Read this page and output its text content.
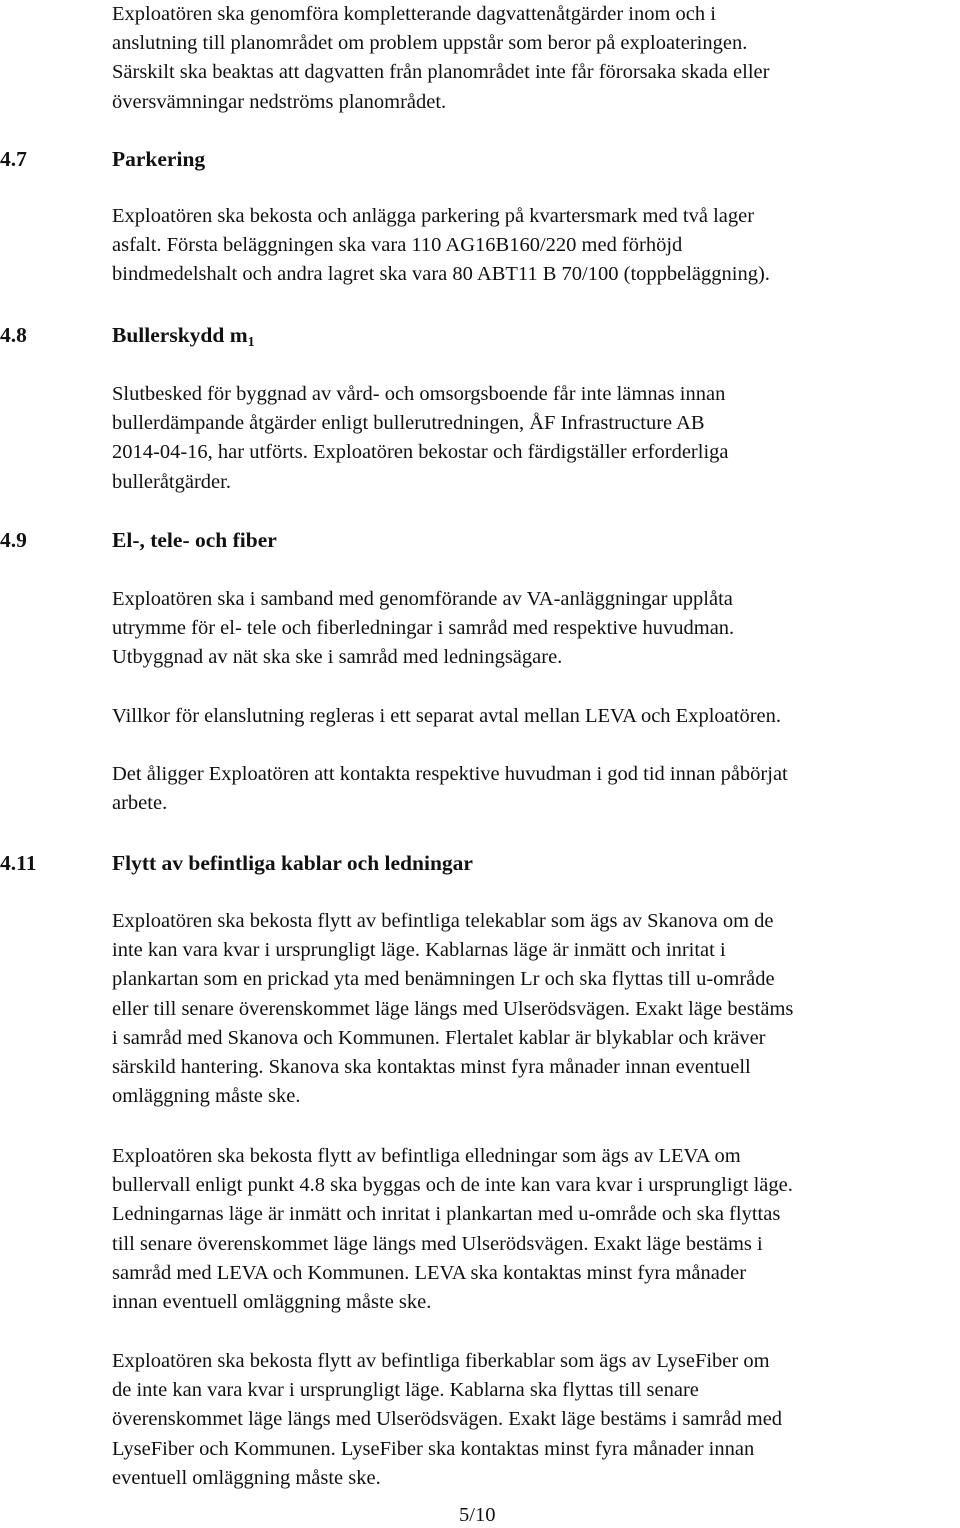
Exploatören ska genomföra kompletterande dagvattenåtgärder inom och i
anslutning till planområdet om problem uppstår som beror på exploateringen.
Särskilt ska beaktas att dagvatten från planområdet inte får förorsaka skada eller
översvämningar nedströms planområdet.

4.7	Parkering

Exploatören ska bekosta och anlägga parkering på kvartersmark med två lager
asfalt. Första beläggningen ska vara 110 AG16B160/220 med förhöjd
bindmedelshalt och andra lagret ska vara 80 ABT11 B 70/100 (toppbeläggning).

4.8	Bullerskydd $m_1$

Slutbesked för byggnad av vård- och omsorgsboende får inte lämnas innan
bullerdämpande åtgärder enligt bullerutredningen, ÅF Infrastructure AB
2014-04-16, har utförts. Exploatören bekostar och färdigställer erforderliga
bulleråtgärder.

4.9	El-, tele- och fiber

Exploatören ska i samband med genomförande av VA-anläggningar upplåta
utrymme för el- tele och fiberledningar i samråd med respektive huvudman.
Utbyggnad av nät ska ske i samråd med ledningsägare.

Villkor för elanslutning regleras i ett separat avtal mellan LEVA och Exploatören.

Det åligger Exploatören att kontakta respektive huvudman i god tid innan påbörjat
arbete.

4.11	Flytt av befintliga kablar och ledningar

Exploatören ska bekosta flytt av befintliga telekablar som ägs av Skanova om de
inte kan vara kvar i ursprungligt läge. Kablarnas läge är inmätt och inritat i
plankartan som en prickad yta med benämningen Lr och ska flyttas till u-område
eller till senare överenskommet läge längs med Ulserödsvägen. Exakt läge bestäms
i samråd med Skanova och Kommunen. Flertalet kablar är blykablar och kräver
särskild hantering. Skanova ska kontaktas minst fyra månader innan eventuell
omläggning måste ske.

Exploatören ska bekosta flytt av befintliga elledningar som ägs av LEVA om
bullervall enligt punkt 4.8 ska byggas och de inte kan vara kvar i ursprungligt läge.
Ledningarnas läge är inmätt och inritat i plankartan med u-område och ska flyttas
till senare överenskommet läge längs med Ulserödsvägen. Exakt läge bestäms i
samråd med LEVA och Kommunen. LEVA ska kontaktas minst fyra månader
innan eventuell omläggning måste ske.

Exploatören ska bekosta flytt av befintliga fiberkablar som ägs av LyseFiber om
de inte kan vara kvar i ursprungligt läge. Kablarna ska flyttas till senare
överenskommet läge längs med Ulserödsvägen. Exakt läge bestäms i samråd med
LyseFiber och Kommunen. LyseFiber ska kontaktas minst fyra månader innan
eventuell omläggning måste ske.

5/10
